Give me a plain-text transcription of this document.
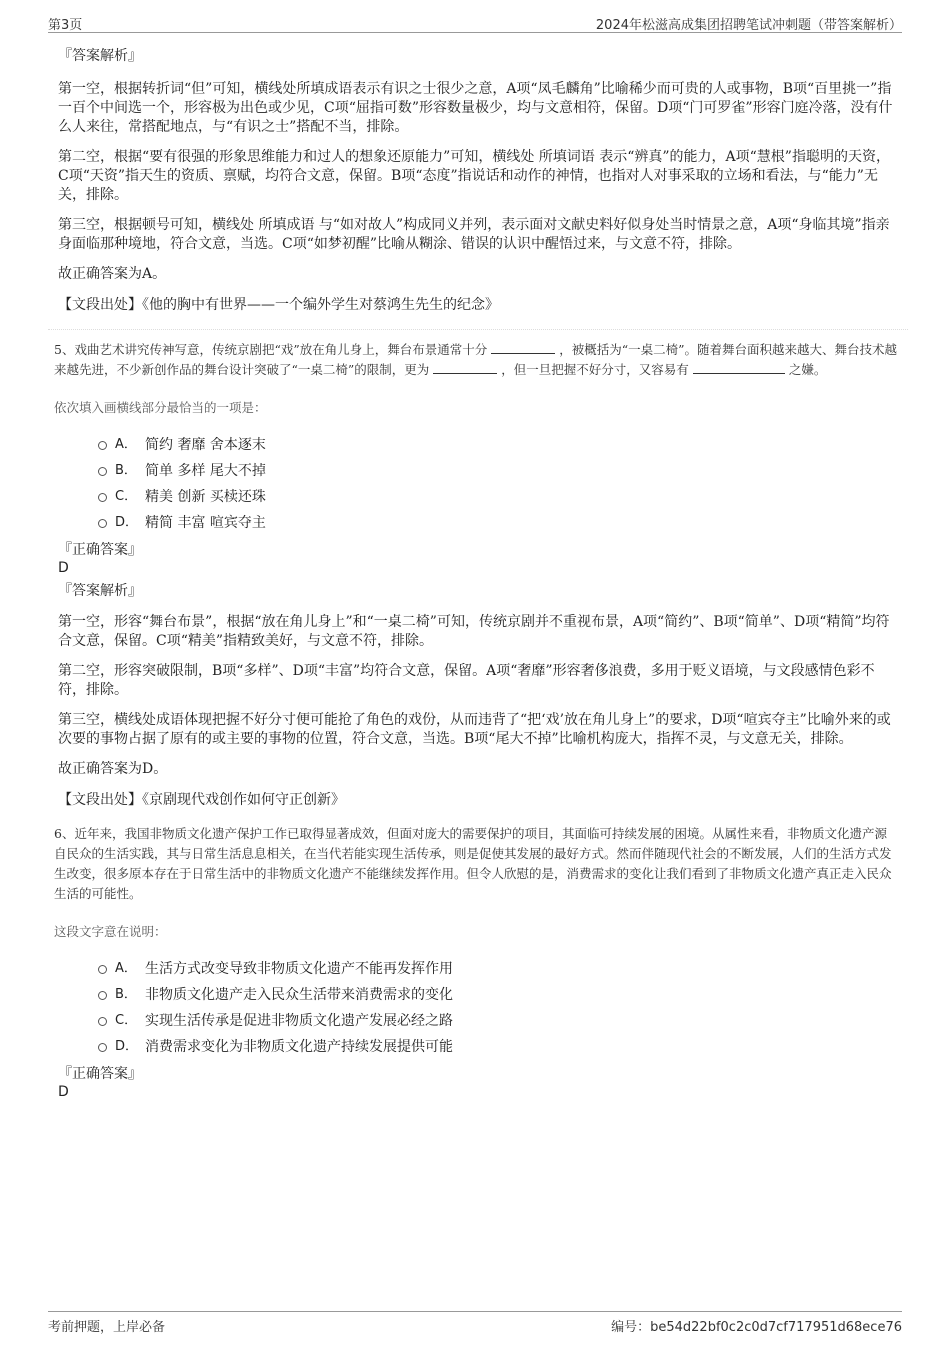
第3页	2024年松滋高成集团招聘笔试冲刺题（带答案解析）

『答案解析』

第一空，根据转折词“但”可知，横线处所填成语表示有识之士很少之意，A项“凤毛麟角”比喻稀少而可贵的人或事物，B项“百里挑一”指一百个中间选一个，形容极为出色或少见，C项“屈指可数”形容数量极少，均与文意相符，保留。D项“门可罗雀”形容门庭冷落，没有什么人来往，常搭配地点，与“有识之士”搭配不当，排除。

第二空，根据“要有很强的形象思维能力和过人的想象还原能力”可知，横线处 所填词语 表示“辨真”的能力，A项“慧根”指聪明的天资，C项“天资”指天生的资质、禀赋，均符合文意，保留。B项“态度”指说话和动作的神情，也指对人对事采取的立场和看法，与“能力”无关，排除。

第三空，根据顿号可知，横线处 所填成语 与“如对故人”构成同义并列，表示面对文献史料好似身处当时情景之意，A项“身临其境”指亲身面临那种境地，符合文意，当选。C项“如梦初醒”比喻从糊涂、错误的认识中醒悟过来，与文意不符，排除。

故正确答案为A。

【文段出处】《他的胸中有世界——一个编外学生对蔡鸿生先生的纪念》

5、戏曲艺术讲究传神写意，传统京剧把“戏”放在角儿身上，舞台布景通常十分	，被概括为“一桌二椅”。随着舞台面积越来越大、舞台技术越来越先进，不少新创作品的舞台设计突破了“一桌二椅”的限制，更为	，但一旦把握不好分寸，又容易有	之嫌。

依次填入画横线部分最恰当的一项是：

A． 简约 奢靡 舍本逐末
B． 简单 多样 尾大不掉
C． 精美 创新 买椟还珠
D． 精简 丰富 喧宾夺主

『正确答案』

D

『答案解析』

第一空，形容“舞台布景”，根据“放在角儿身上”和“一桌二椅”可知，传统京剧并不重视布景，A项“简约”、B项“简单”、D项“精简”均符合文意，保留。C项“精美”指精致美好，与文意不符，排除。

第二空，形容突破限制，B项“多样”、D项“丰富”均符合文意，保留。A项“奢靡”形容奢侈浪费，多用于贬义语境，与文段感情色彩不符，排除。

第三空，横线处成语体现把握不好分寸便可能抢了角色的戏份，从而违背了“把‘戏’放在角儿身上”的要求，D项“喧宾夺主”比喻外来的或次要的事物占据了原有的或主要的事物的位置，符合文意，当选。B项“尾大不掉”比喻机构庞大，指挥不灵，与文意无关，排除。

故正确答案为D。

【文段出处】《京剧现代戏创作如何守正创新》

6、近年来，我国非物质文化遗产保护工作已取得显著成效，但面对庞大的需要保护的项目，其面临可持续发展的困境。从属性来看，非物质文化遗产源自民众的生活实践，其与日常生活息息相关，在当代若能实现生活传承，则是促使其发展的最好方式。然而伴随现代社会的不断发展，人们的生活方式发生改变，很多原本存在于日常生活中的非物质文化遗产不能继续发挥作用。但令人欣慰的是，消费需求的变化让我们看到了非物质文化遗产真正走入民众生活的可能性。

这段文字意在说明：

A． 生活方式改变导致非物质文化遗产不能再发挥作用
B． 非物质文化遗产走入民众生活带来消费需求的变化
C． 实现生活传承是促进非物质文化遗产发展必经之路
D． 消费需求变化为非物质文化遗产持续发展提供可能

『正确答案』

D

考前押题，上岸必备	编号：be54d22bf0c2c0d7cf717951d68ece76
